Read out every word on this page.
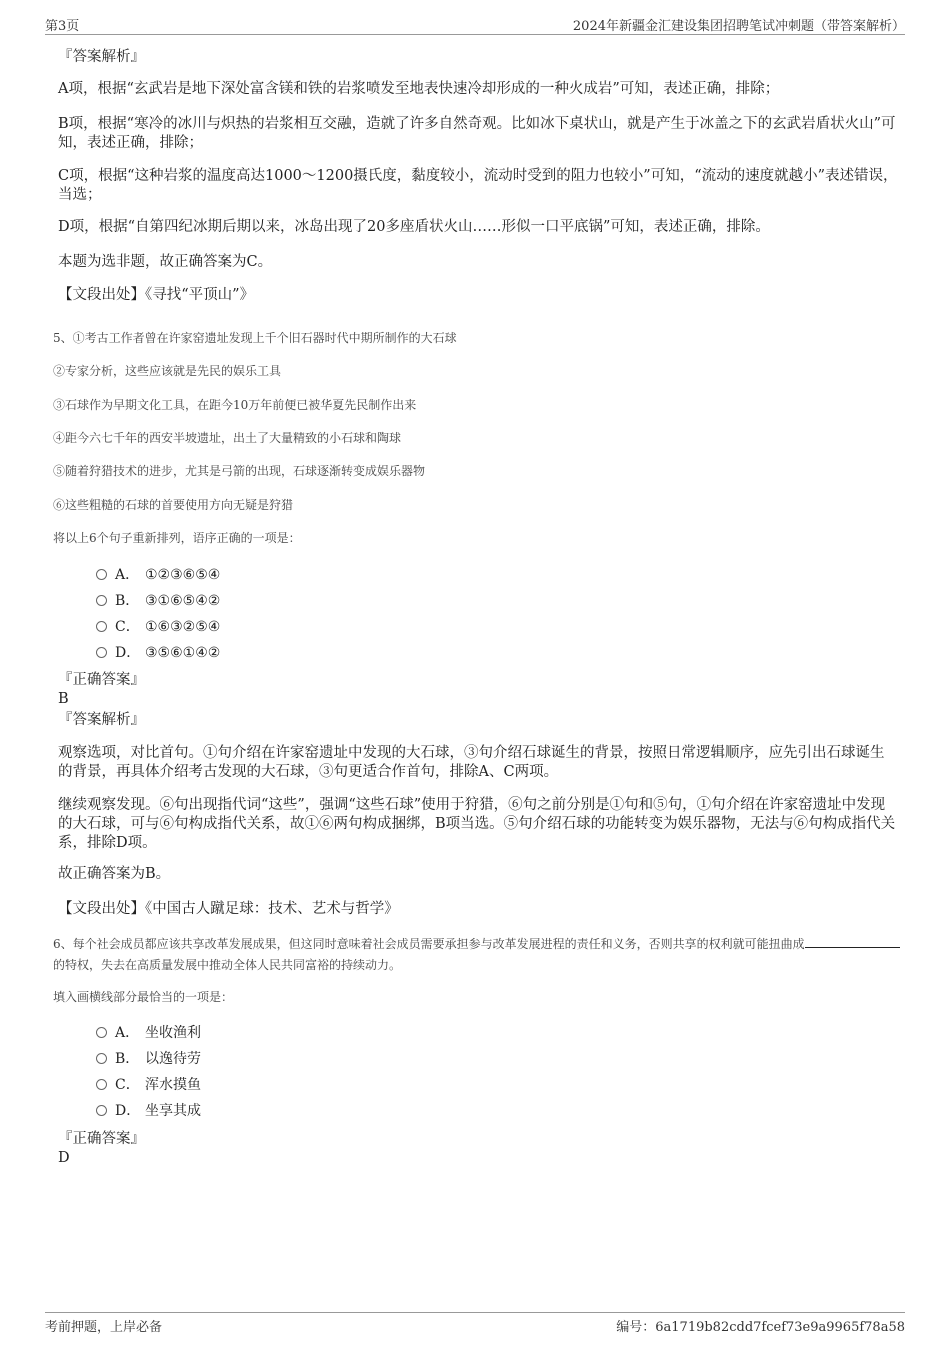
第3页	2024年新疆金汇建设集团招聘笔试冲刺题（带答案解析）
『答案解析』
A项，根据“玄武岩是地下深处富含镁和铁的岩浆喷发至地表快速冷却形成的一种火成岩”可知，表述正确，排除；
B项，根据“寒冷的冰川与炽热的岩浆相互交融，造就了许多自然奇观。比如冰下桌状山，就是产生于冰盖之下的玄武岩盾状火山”可知，表述正确，排除；
C项，根据“这种岩浆的温度高达1000～1200摄氏度，黏度较小，流动时受到的阻力也较小”可知，“流动的速度就越小”表述错误，当选；
D项，根据“自第四纪冰期后期以来，冰岛出现了20多座盾状火山……形似一口平底锅”可知，表述正确，排除。
本题为选非题，故正确答案为C。
【文段出处】《寻找“平顶山”》
5、①考古工作者曾在许家窑遗址发现上千个旧石器时代中期所制作的大石球
②专家分析，这些应该就是先民的娱乐工具
③石球作为早期文化工具，在距今10万年前便已被华夏先民制作出来
④距今六七千年的西安半坡遗址，出土了大量精致的小石球和陶球
⑤随着狩猎技术的进步，尤其是弓箭的出现，石球逐渐转变成娱乐器物
⑥这些粗糙的石球的首要使用方向无疑是狩猎
将以上6个句子重新排列，语序正确的一项是：
A． ①②③⑥⑤④
B． ③①⑥⑤④②
C． ①⑥③②⑤④
D． ③⑤⑥①④②
『正确答案』
B
『答案解析』
观察选项，对比首句。①句介绍在许家窑遗址中发现的大石球，③句介绍石球诞生的背景，按照日常逻辑顺序，应先引出石球诞生的背景，再具体介绍考古发现的大石球，③句更适合作首句，排除A、C两项。
继续观察发现。⑥句出现指代词“这些”，强调“这些石球”使用于狩猎，⑥句之前分别是①句和⑤句，①句介绍在许家窑遗址中发现的大石球，可与⑥句构成指代关系，故①⑥两句构成捆绑，B项当选。⑤句介绍石球的功能转变为娱乐器物，无法与⑥句构成指代关系，排除D项。
故正确答案为B。
【文段出处】《中国古人蹴足球：技术、艺术与哲学》
6、每个社会成员都应该共享改革发展成果，但这同时意味着社会成员需要承担参与改革发展进程的责任和义务，否则共享的权利就可能扭曲成的特权，失去在高质量发展中推动全体人民共同富裕的持续动力。
填入画横线部分最恰当的一项是：
A． 坐收渔利
B． 以逸待劳
C． 浑水摸鱼
D． 坐享其成
『正确答案』
D
考前押题，上岸必备	编号：6a1719b82cdd7fcef73e9a9965f78a58
